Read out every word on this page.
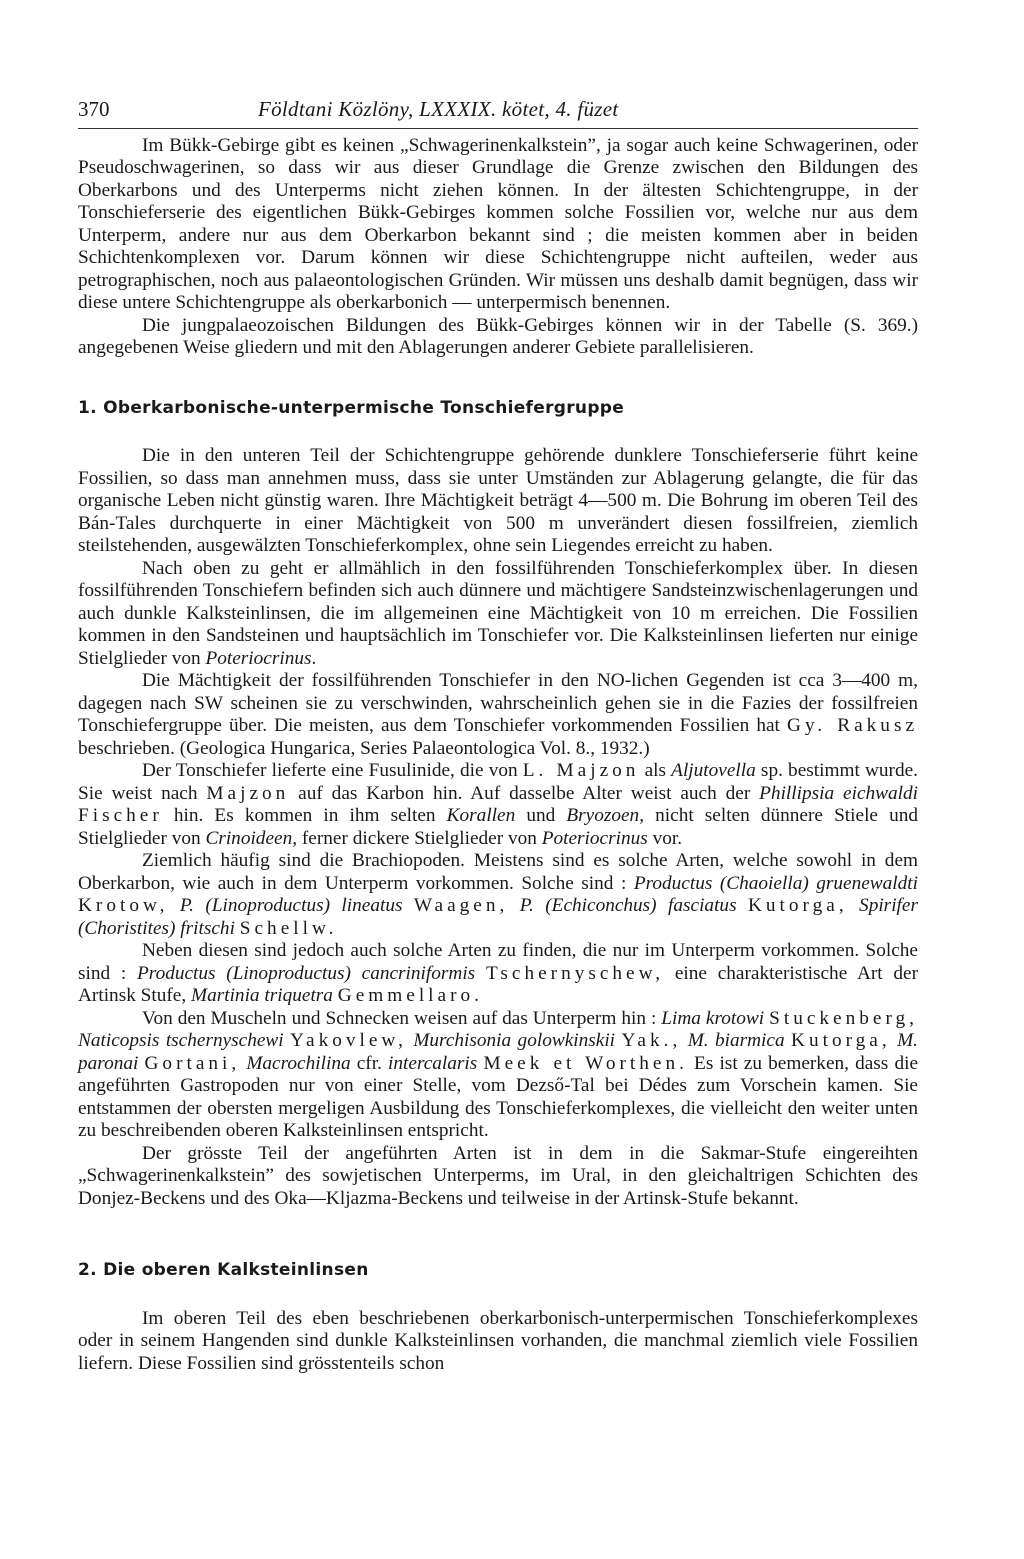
370	Földtani Közlöny, LXXXIX. kötet, 4. füzet

Im Bükk-Gebirge gibt es keinen „Schwagerinenkalkstein”, ja sogar auch keine Schwagerinen, oder Pseudoschwagerinen, so dass wir aus dieser Grundlage die Grenze zwischen den Bildungen des Oberkarbons und des Unterperms nicht ziehen können. In der ältesten Schichtengruppe, in der Tonschieferserie des eigentlichen Bükk-Gebirges kommen solche Fossilien vor, welche nur aus dem Unterperm, andere nur aus dem Oberkarbon bekannt sind ; die meisten kommen aber in beiden Schichtenkomplexen vor. Darum können wir diese Schichtengruppe nicht aufteilen, weder aus petrographischen, noch aus palaeontologischen Gründen. Wir müssen uns deshalb damit begnügen, dass wir diese untere Schichtengruppe als oberkarbonich — unterpermisch benennen.

Die jungpalaeozoischen Bildungen des Bükk-Gebirges können wir in der Tabelle (S. 369.) angegebenen Weise gliedern und mit den Ablagerungen anderer Gebiete parallelisieren.

1. Oberkarbonische-unterpermische Tonschiefergruppe

Die in den unteren Teil der Schichtengruppe gehörende dunklere Tonschieferserie führt keine Fossilien, so dass man annehmen muss, dass sie unter Umständen zur Ablagerung gelangte, die für das organische Leben nicht günstig waren. Ihre Mächtigkeit beträgt 4—500 m. Die Bohrung im oberen Teil des Bán-Tales durchquerte in einer Mächtigkeit von 500 m unverändert diesen fossilfreien, ziemlich steilstehenden, ausgewälzten Tonschieferkomplex, ohne sein Liegendes erreicht zu haben.

Nach oben zu geht er allmählich in den fossilführenden Tonschieferkomplex über. In diesen fossilführenden Tonschiefern befinden sich auch dünnere und mächtigere Sandsteinzwischenlagerungen und auch dunkle Kalksteinlinsen, die im allgemeinen eine Mächtigkeit von 10 m erreichen. Die Fossilien kommen in den Sandsteinen und hauptsächlich im Tonschiefer vor. Die Kalksteinlinsen lieferten nur einige Stielglieder von Poteriocrinus.

Die Mächtigkeit der fossilführenden Tonschiefer in den NO-lichen Gegenden ist cca 3—400 m, dagegen nach SW scheinen sie zu verschwinden, wahrscheinlich gehen sie in die Fazies der fossilfreien Tonschiefergruppe über. Die meisten, aus dem Tonschiefer vorkommenden Fossilien hat Gy. Rakusz beschrieben. (Geologica Hungarica, Series Palaeontologica Vol. 8., 1932.)

Der Tonschiefer lieferte eine Fusulinide, die von L. Majzon als Aljutovella sp. bestimmt wurde. Sie weist nach Majzon auf das Karbon hin. Auf dasselbe Alter weist auch der Phillipsia eichwaldi Fischer hin. Es kommen in ihm selten Korallen und Bryozoen, nicht selten dünnere Stiele und Stielglieder von Crinoideen, ferner dickere Stielglieder von Poteriocrinus vor.

Ziemlich häufig sind die Brachiopoden. Meistens sind es solche Arten, welche sowohl in dem Oberkarbon, wie auch in dem Unterperm vorkommen. Solche sind : Productus (Chaoiella) gruenewaldti Krotow, P. (Linoproductus) lineatus Waagen, P. (Echiconchus) fasciatus Kutorga, Spirifer (Choristites) fritschi Schellw.

Neben diesen sind jedoch auch solche Arten zu finden, die nur im Unterperm vorkommen. Solche sind : Productus (Linoproductus) cancriniformis Tschernyschew, eine charakteristische Art der Artinsk Stufe, Martinia triquetra Gemmellaro.

Von den Muscheln und Schnecken weisen auf das Unterperm hin : Lima krotowi Stuckenberg, Naticopsis tschernyschewi Yakovlew, Murchisonia golowkinskii Yak., M. biarmica Kutorga, M. paronai Gortani, Macrochilina cfr. intercalaris Meek et Worthen. Es ist zu bemerken, dass die angeführten Gastropoden nur von einer Stelle, vom Dezső-Tal bei Dédes zum Vorschein kamen. Sie entstammen der obersten mergeligen Ausbildung des Tonschieferkomplexes, die vielleicht den weiter unten zu beschreibenden oberen Kalksteinlinsen entspricht.

Der grösste Teil der angeführten Arten ist in dem in die Sakmar-Stufe eingereihten „Schwagerinenkalkstein” des sowjetischen Unterperms, im Ural, in den gleichaltrigen Schichten des Donjez-Beckens und des Oka—Kljazma-Beckens und teilweise in der Artinsk-Stufe bekannt.

2. Die oberen Kalksteinlinsen

Im oberen Teil des eben beschriebenen oberkarbonisch-unterpermischen Tonschieferkomplexes oder in seinem Hangenden sind dunkle Kalksteinlinsen vorhanden, die manchmal ziemlich viele Fossilien liefern. Diese Fossilien sind grösstenteils schon
